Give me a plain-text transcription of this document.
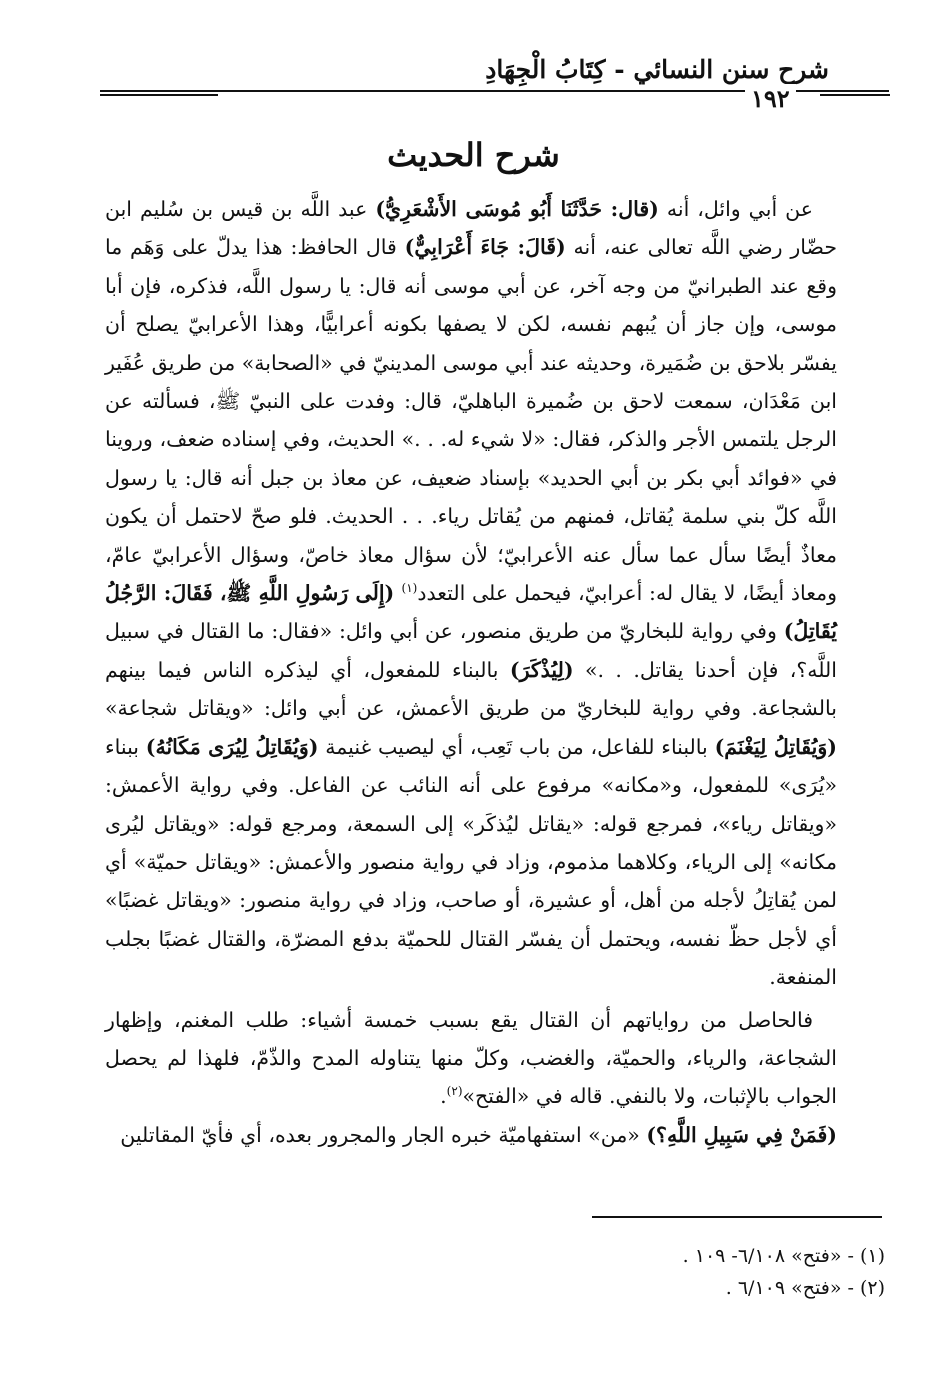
شرح سنن النسائي - كِتَابُ الْجِهَادِ
١٩٢
شرح الحديث

عن أبي وائل، أنه (قال: حَدَّثَنَا أَبُو مُوسَى الأَشْعَرِيُّ) عبد اللَّه بن قيس بن سُليم ابن حضّار رضي اللَّه تعالى عنه، أنه (قَالَ: جَاءَ أَعْرَابِيٌّ) قال الحافظ: هذا يدلّ على وَهَم ما وقع عند الطبرانيّ من وجه آخر، عن أبي موسى أنه قال: يا رسول اللَّه، فذكره، فإن أبا موسى، وإن جاز أن يُبهم نفسه، لكن لا يصفها بكونه أعرابيًّا، وهذا الأعرابيّ يصلح أن يفسّر بلاحق بن ضُمَيرة، وحديثه عند أبي موسى المدينيّ في «الصحابة» من طريق عُفَير ابن مَعْدَان، سمعت لاحق بن ضُميرة الباهليّ، قال: وفدت على النبيّ ﷺ، فسألته عن الرجل يلتمس الأجر والذكر، فقال: «لا شيء له. . .» الحديث، وفي إسناده ضعف، وروينا في «فوائد أبي بكر بن أبي الحديد» بإسناد ضعيف، عن معاذ بن جبل أنه قال: يا رسول اللَّه كلّ بني سلمة يُقاتل، فمنهم من يُقاتل رياء. . . الحديث. فلو صحّ لاحتمل أن يكون معاذٌ أيضًا سأل عما سأل عنه الأعرابيّ؛ لأن سؤال معاذ خاصّ، وسؤال الأعرابيّ عامّ، ومعاذ أيضًا، لا يقال له: أعرابيّ، فيحمل على التعدد$^{(١)}$ (إِلَى رَسُولِ اللَّهِ ﷺ، فَقَالَ: الرَّجُلُ يُقَاتِلُ) وفي رواية للبخاريّ من طريق منصور، عن أبي وائل: «فقال: ما القتال في سبيل اللَّه؟، فإن أحدنا يقاتل. . .» (لِيُذْكَرَ) بالبناء للمفعول، أي ليذكره الناس فيما بينهم بالشجاعة. وفي رواية للبخاريّ من طريق الأعمش، عن أبي وائل: «ويقاتل شجاعة» (وَيُقَاتِلُ لِيَغْنَمَ) بالبناء للفاعل، من باب تَعِب، أي ليصيب غنيمة (وَيُقَاتِلُ لِيُرَى مَكَانُهُ) ببناء «يُرَى» للمفعول، و«مكانه» مرفوع على أنه النائب عن الفاعل. وفي رواية الأعمش: «ويقاتل رياء»، فمرجع قوله: «يقاتل ليُذكَر» إلى السمعة، ومرجع قوله: «ويقاتل ليُرى مكانه» إلى الرياء، وكلاهما مذموم، وزاد في رواية منصور والأعمش: «ويقاتل حميّة» أي لمن يُقاتِلُ لأجله من أهل، أو عشيرة، أو صاحب، وزاد في رواية منصور: «ويقاتل غضبًا» أي لأجل حظّ نفسه، ويحتمل أن يفسّر القتال للحميّة بدفع المضرّة، والقتال غضبًا بجلب المنفعة.

فالحاصل من رواياتهم أن القتال يقع بسبب خمسة أشياء: طلب المغنم، وإظهار الشجاعة، والرياء، والحميّة، والغضب، وكلّ منها يتناوله المدح والذّمّ، فلهذا لم يحصل الجواب بالإثبات، ولا بالنفي. قاله في «الفتح»$^{(٢)}$.

(فَمَنْ فِي سَبِيلِ اللَّهِ؟) «من» استفهاميّة خبره الجار والمجرور بعده، أي فأيّ المقاتلين

(١) - «فتح» ٦/١٠٨- ١٠٩ .

(٢) - «فتح» ٦/١٠٩ .
